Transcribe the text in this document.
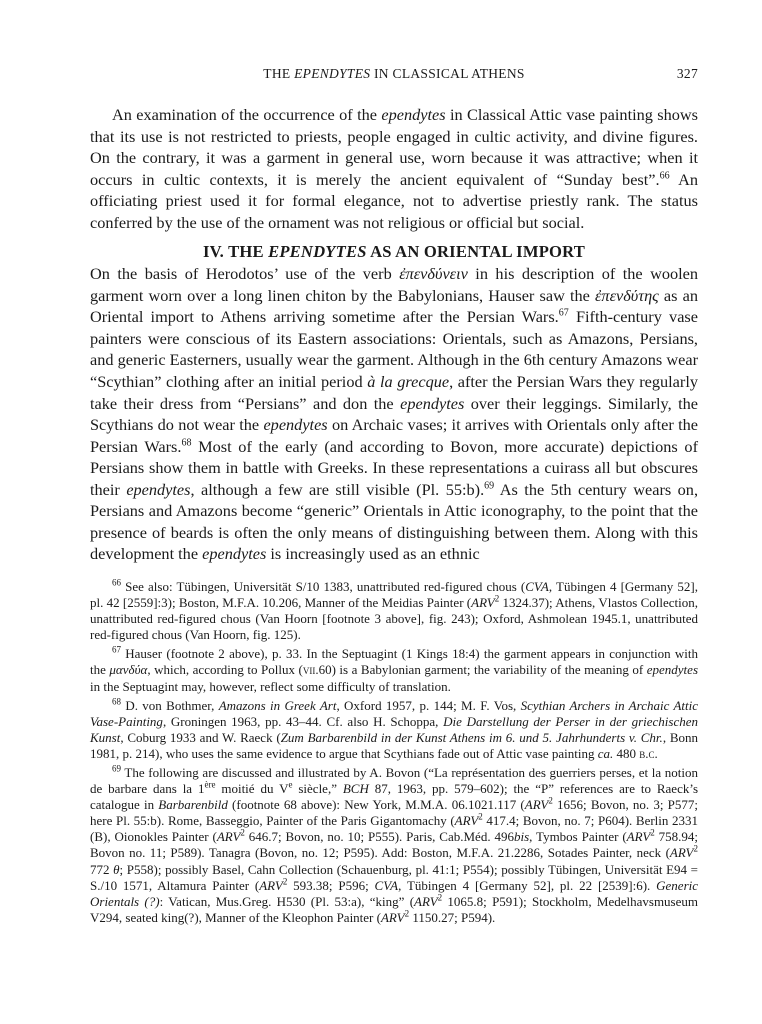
THE EPENDYTES IN CLASSICAL ATHENS	327

An examination of the occurrence of the ependytes in Classical Attic vase painting shows that its use is not restricted to priests, people engaged in cultic activity, and divine figures. On the contrary, it was a garment in general use, worn because it was attractive; when it occurs in cultic contexts, it is merely the ancient equivalent of “Sunday best”.$^{66}$ An officiating priest used it for formal elegance, not to advertise priestly rank. The status conferred by the use of the ornament was not religious or official but social.

IV. THE EPENDYTES AS AN ORIENTAL IMPORT

On the basis of Herodotos’ use of the verb ἐπενδύνειν in his description of the woolen garment worn over a long linen chiton by the Babylonians, Hauser saw the ἐπενδύτης as an Oriental import to Athens arriving sometime after the Persian Wars.$^{67}$ Fifth-century vase painters were conscious of its Eastern associations: Orientals, such as Amazons, Persians, and generic Easterners, usually wear the garment. Although in the 6th century Amazons wear “Scythian” clothing after an initial period à la grecque, after the Persian Wars they regularly take their dress from “Persians” and don the ependytes over their leggings. Similarly, the Scythians do not wear the ependytes on Archaic vases; it arrives with Orientals only after the Persian Wars.$^{68}$ Most of the early (and according to Bovon, more accurate) depictions of Persians show them in battle with Greeks. In these representations a cuirass all but obscures their ependytes, although a few are still visible (Pl. 55:b).$^{69}$ As the 5th century wears on, Persians and Amazons become “generic” Orientals in Attic iconography, to the point that the presence of beards is often the only means of distinguishing between them. Along with this development the ependytes is increasingly used as an ethnic

$^{66}$ See also: Tübingen, Universität S/10 1383, unattributed red-figured chous (CVA, Tübingen 4 [Germany 52], pl. 42 [2559]:3); Boston, M.F.A. 10.206, Manner of the Meidias Painter (ARV$^2$ 1324.37); Athens, Vlastos Collection, unattributed red-figured chous (Van Hoorn [footnote 3 above], fig. 243); Oxford, Ashmolean 1945.1, unattributed red-figured chous (Van Hoorn, fig. 125).

$^{67}$ Hauser (footnote 2 above), p. 33. In the Septuagint (1 Kings 18:4) the garment appears in conjunction with the μανδύα, which, according to Pollux (vii.60) is a Babylonian garment; the variability of the meaning of ependytes in the Septuagint may, however, reflect some difficulty of translation.

$^{68}$ D. von Bothmer, Amazons in Greek Art, Oxford 1957, p. 144; M. F. Vos, Scythian Archers in Archaic Attic Vase-Painting, Groningen 1963, pp. 43–44. Cf. also H. Schoppa, Die Darstellung der Perser in der griechischen Kunst, Coburg 1933 and W. Raeck (Zum Barbarenbild in der Kunst Athens im 6. und 5. Jahrhunderts v. Chr., Bonn 1981, p. 214), who uses the same evidence to argue that Scythians fade out of Attic vase painting ca. 480 b.c.

$^{69}$ The following are discussed and illustrated by A. Bovon (“La représentation des guerriers perses, et la notion de barbare dans la 1ère moitié du Ve siècle,” BCH 87, 1963, pp. 579–602); the “P” references are to Raeck’s catalogue in Barbarenbild (footnote 68 above): New York, M.M.A. 06.1021.117 (ARV$^2$ 1656; Bovon, no. 3; P577; here Pl. 55:b). Rome, Basseggio, Painter of the Paris Gigantomachy (ARV$^2$ 417.4; Bovon, no. 7; P604). Berlin 2331 (B), Oionokles Painter (ARV$^2$ 646.7; Bovon, no. 10; P555). Paris, Cab.Méd. 496bis, Tymbos Painter (ARV$^2$ 758.94; Bovon no. 11; P589). Tanagra (Bovon, no. 12; P595). Add: Boston, M.F.A. 21.2286, Sotades Painter, neck (ARV$^2$ 772 θ; P558); possibly Basel, Cahn Collection (Schauenburg, pl. 41:1; P554); possibly Tübingen, Universität E94 = S./10 1571, Altamura Painter (ARV$^2$ 593.38; P596; CVA, Tübingen 4 [Germany 52], pl. 22 [2539]:6). Generic Orientals (?): Vatican, Mus.Greg. H530 (Pl. 53:a), “king” (ARV$^2$ 1065.8; P591); Stockholm, Medelhavsmuseum V294, seated king(?), Manner of the Kleophon Painter (ARV$^2$ 1150.27; P594).
